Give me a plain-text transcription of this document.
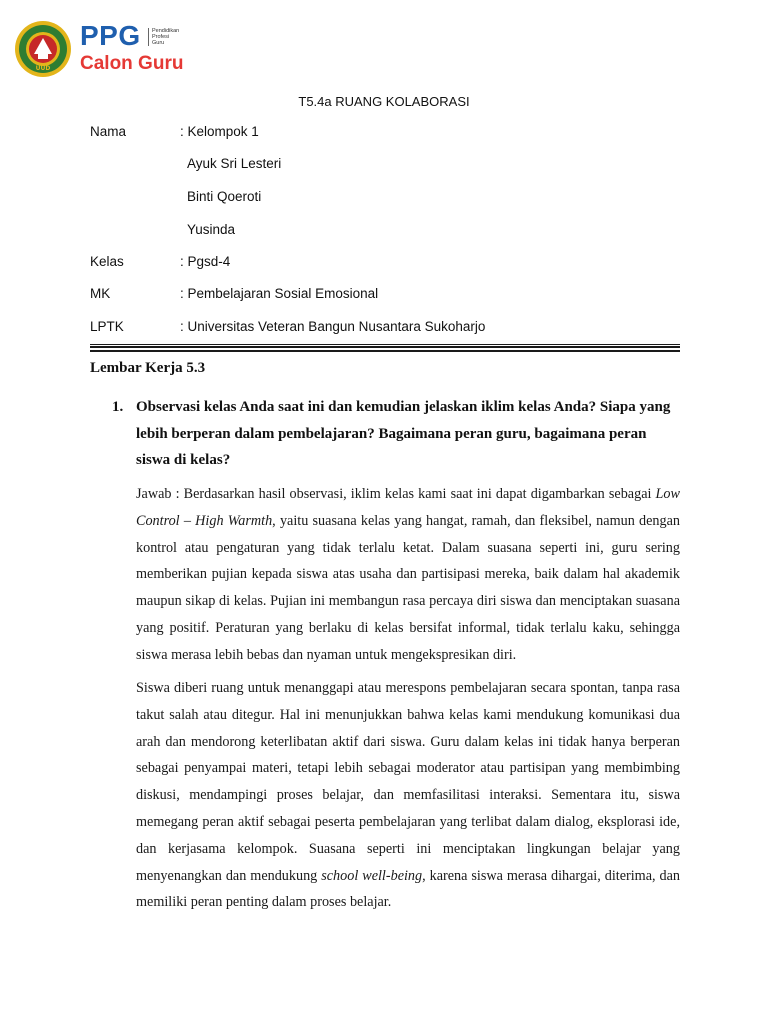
UUD
PPG Pendidikan
Profesi
Guru
Calon Guru
T5.4a RUANG KOLABORASI
Nama	: Kelompok 1
Ayuk Sri Lesteri
Binti Qoeroti
Yusinda
Kelas	: Pgsd-4
MK	: Pembelajaran Sosial Emosional
LPTK	: Universitas Veteran Bangun Nusantara Sukoharjo
Lembar Kerja 5.3
1. Observasi kelas Anda saat ini dan kemudian jelaskan iklim kelas Anda? Siapa yang lebih berperan dalam pembelajaran? Bagaimana peran guru, bagaimana peran siswa di kelas?
Jawab : Berdasarkan hasil observasi, iklim kelas kami saat ini dapat digambarkan sebagai Low Control – High Warmth, yaitu suasana kelas yang hangat, ramah, dan fleksibel, namun dengan kontrol atau pengaturan yang tidak terlalu ketat. Dalam suasana seperti ini, guru sering memberikan pujian kepada siswa atas usaha dan partisipasi mereka, baik dalam hal akademik maupun sikap di kelas. Pujian ini membangun rasa percaya diri siswa dan menciptakan suasana yang positif. Peraturan yang berlaku di kelas bersifat informal, tidak terlalu kaku, sehingga siswa merasa lebih bebas dan nyaman untuk mengekspresikan diri.
Siswa diberi ruang untuk menanggapi atau merespons pembelajaran secara spontan, tanpa rasa takut salah atau ditegur. Hal ini menunjukkan bahwa kelas kami mendukung komunikasi dua arah dan mendorong keterlibatan aktif dari siswa. Guru dalam kelas ini tidak hanya berperan sebagai penyampai materi, tetapi lebih sebagai moderator atau partisipan yang membimbing diskusi, mendampingi proses belajar, dan memfasilitasi interaksi. Sementara itu, siswa memegang peran aktif sebagai peserta pembelajaran yang terlibat dalam dialog, eksplorasi ide, dan kerjasama kelompok. Suasana seperti ini menciptakan lingkungan belajar yang menyenangkan dan mendukung school well-being, karena siswa merasa dihargai, diterima, dan memiliki peran penting dalam proses belajar.
